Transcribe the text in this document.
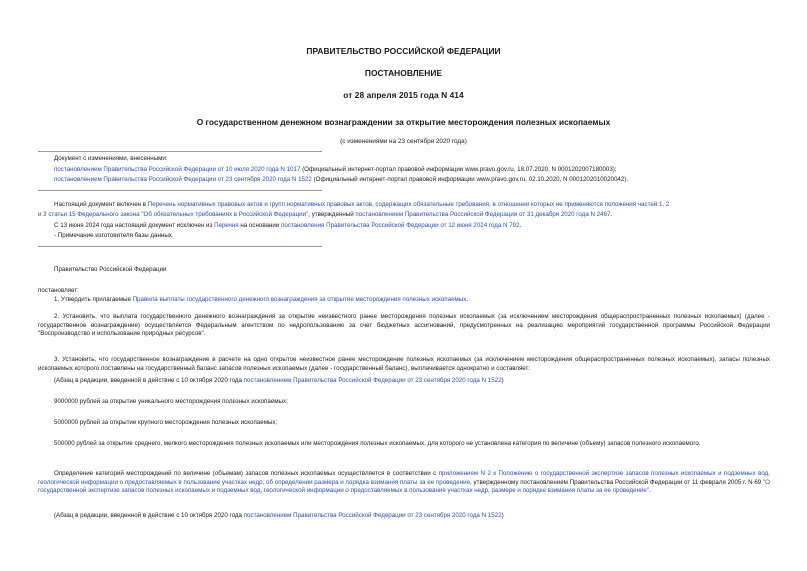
ПРАВИТЕЛЬСТВО РОССИЙСКОЙ ФЕДЕРАЦИИ
ПОСТАНОВЛЕНИЕ
от 28 апреля 2015 года N 414
О государственном денежном вознаграждении за открытие месторождения полезных ископаемых
(с изменениями на 23 сентября 2020 года)
Документ с изменениями, внесенными:
постановлением Правительства Российской Федерации от 10 июля 2020 года N 1017 (Официальный интернет-портал правовой информации www.pravo.gov.ru, 18.07.2020, N 0001202007180003);
постановлением Правительства Российской Федерации от 23 сентября 2020 года N 1522 (Официальный интернет-портал правовой информации www.pravo.gov.ru, 02.10.2020, N 0001202010020042).
Настоящий документ включен в Перечень нормативных правовых актов и групп нормативных правовых актов, содержащих обязательные требования, в отношении которых не применяются положения частей 1, 2
и 3 статьи 15 Федерального закона "Об обязательных требованиях в Российской Федерации", утвержденный постановлением Правительства Российской Федерации от 31 декабря 2020 года N 2467.
С 13 июня 2024 года настоящий документ исключен из Перечня на основании постановления Правительства Российской Федерации от 12 июня 2024 года N 792.
- Примечание изготовителя базы данных.
Правительство Российской Федерации
постановляет:
1. Утвердить прилагаемые Правила выплаты государственного денежного вознаграждения за открытие месторождения полезных ископаемых.
2. Установить, что выплата государственного денежного вознаграждения за открытие неизвестного ранее месторождения полезных ископаемых (за исключением месторождения общераспространенных полезных ископаемых) (далее - государственное вознаграждение) осуществляется Федеральным агентством по недропользованию за счет бюджетных ассигнований, предусмотренных на реализацию мероприятий государственной программы Российской Федерации "Воспроизводство и использование природных ресурсов".
3. Установить, что государственное вознаграждение в расчете на одно открытое неизвестное ранее месторождение полезных ископаемых (за исключением месторождения общераспространенных полезных ископаемых), запасы полезных ископаемых которого поставлены на государственный баланс запасов полезных ископаемых (далее - государственный баланс), выплачивается однократно и составляет:
(Абзац в редакции, введенной в действие с 10 октября 2020 года постановлением Правительства Российской Федерации от 23 сентября 2020 года N 1522)
9000000 рублей за открытие уникального месторождения полезных ископаемых;
5000000 рублей за открытие крупного месторождения полезных ископаемых;
500000 рублей за открытие среднего, мелкого месторождения полезных ископаемых или месторождения полезных ископаемых, для которого не установлена категория по величине (объему) запасов полезного ископаемого.
Определение категорий месторождений по величине (объемам) запасов полезных ископаемых осуществляется в соответствии с приложением N 2 к Положению о государственной экспертизе запасов полезных ископаемых и подземных вод, геологической информации о предоставляемых в пользование участках недр, об определении размера и порядка взимания платы за ее проведение, утвержденному постановлением Правительства Российской Федерации от 11 февраля 2005 г. N 69 "О государственной экспертизе запасов полезных ископаемых и подземных вод, геологической информации о предоставляемых в пользование участках недр, размере и порядке взимания платы за ее проведение".
(Абзац в редакции, введенной в действие с 10 октября 2020 года постановлением Правительства Российской Федерации от 23 сентября 2020 года N 1522)
